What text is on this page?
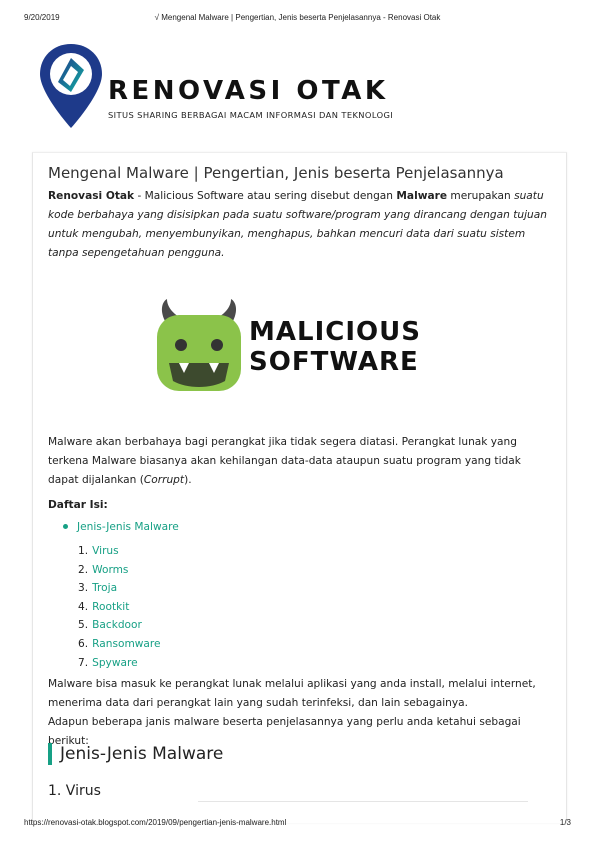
9/20/2019	√ Mengenal Malware | Pengertian, Jenis beserta Penjelasannya - Renovasi Otak
RENOVASI OTAK
SITUS SHARING BERBAGAI MACAM INFORMASI DAN TEKNOLOGI
Mengenal Malware | Pengertian, Jenis beserta Penjelasannya
Renovasi Otak - Malicious Software atau sering disebut dengan Malware merupakan suatu kode berbahaya yang disisipkan pada suatu software/program yang dirancang dengan tujuan untuk mengubah, menyembunyikan, menghapus, bahkan mencuri data dari suatu sistem tanpa sepengetahuan pengguna.
MALICIOUS
SOFTWARE
Malware akan berbahaya bagi perangkat jika tidak segera diatasi. Perangkat lunak yang terkena Malware biasanya akan kehilangan data-data ataupun suatu program yang tidak dapat dijalankan (Corrupt).
Daftar Isi:
Jenis-Jenis Malware
1. Virus
2. Worms
3. Troja
4. Rootkit
5. Backdoor
6. Ransomware
7. Spyware
Malware bisa masuk ke perangkat lunak melalui aplikasi yang anda install, melalui internet, menerima data dari perangkat lain yang sudah terinfeksi, dan lain sebagainya.
Adapun beberapa janis malware beserta penjelasannya yang perlu anda ketahui sebagai berikut:
Jenis-Jenis Malware
1. Virus
https://renovasi-otak.blogspot.com/2019/09/pengertian-jenis-malware.html	1/3
